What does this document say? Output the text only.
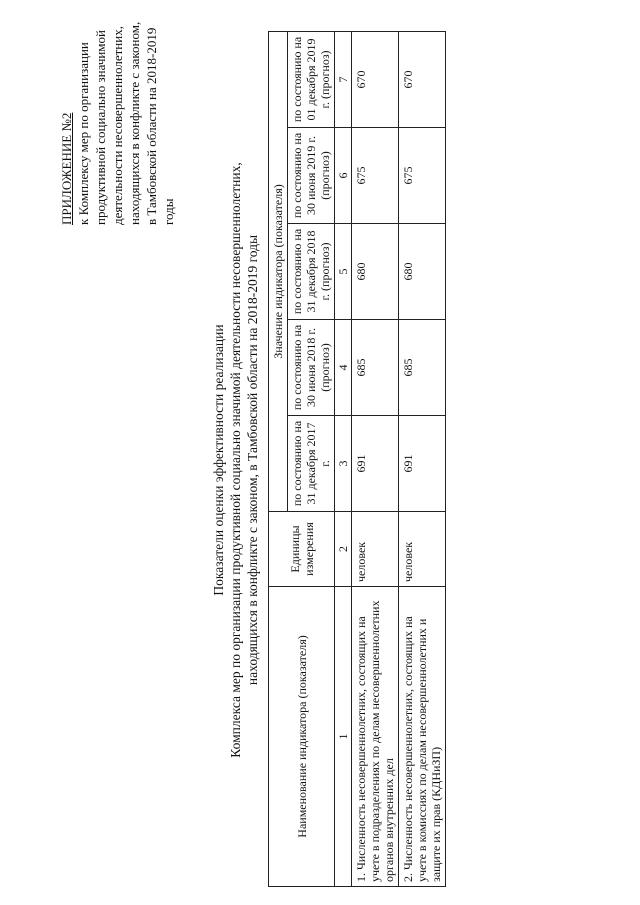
ПРИЛОЖЕНИЕ №2 к Комплексу мер по организации продуктивной социально значимой деятельности несовершеннолетних, находящихся в конфликте с законом, в Тамбовской области на 2018-2019 годы
Показатели оценки эффективности реализации Комплекса мер по организации продуктивной социально значимой деятельности несовершеннолетних, находящихся в конфликте с законом, в Тамбовской области на 2018-2019 годы
Наименование индикатора (показателя)	Единицы измерения	Значение индикатора (показателя)				
		по состоянию на 31 декабря 2017 г.	по состоянию на 30 июня 2018 г. (прогноз)	по состоянию на 31 декабря 2018 г. (прогноз)	по состоянию на 30 июня 2019 г. (прогноз)	по состоянию на 01 декабря 2019 г. (прогноз)
1	2	3	4	5	6	7
1. Численность несовершеннолетних, состоящих на учете в подразделениях по делам несовершеннолетних органов внутренних дел	человек	691	685	680	675	670
2. Численность несовершеннолетних, состоящих на учете в комиссиях по делам несовершеннолетних и защите их прав (КДНиЗП)	человек	691	685	680	675	670
